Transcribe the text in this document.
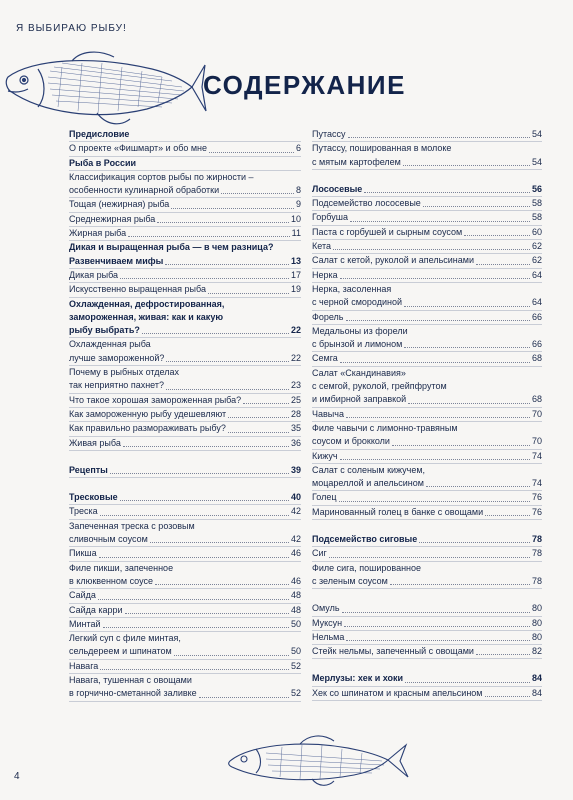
Я ВЫБИРАЮ РЫБУ!
СОДЕРЖАНИЕ
Предисловие
О проекте «Фишмарт» и обо мне	6
Рыба в России
Классификация сортов рыбы по жирности –
особенности кулинарной обработки	8
Тощая (нежирная) рыба	9
Среднежирная рыба	10
Жирная рыба	11
Дикая и выращенная рыба — в чем разница?
Развенчиваем мифы	13
Дикая рыба	17
Искусственно выращенная рыба	19
Охлажденная, дефростированная,
замороженная, живая: как и какую
рыбу выбрать?	22
Охлажденная рыба
лучше замороженной?	22
Почему в рыбных отделах
так неприятно пахнет?	23
Что такое хорошая замороженная рыба?	25
Как замороженную рыбу удешевляют	28
Как правильно размораживать рыбу?	35
Живая рыба	36
Рецепты	39
Тресковые	40
Треска	42
Запеченная треска с розовым
сливочным соусом	42
Пикша	46
Филе пикши, запеченное
в клюквенном соусе	46
Сайда	48
Сайда карри	48
Минтай	50
Легкий суп с филе минтая,
сельдереем и шпинатом	50
Навага	52
Навага, тушенная с овощами
в горчично-сметанной заливке	52
Путассу	54
Путассу, пошированная в молоке
с мятым картофелем	54
Лососевые	56
Подсемейство лососевые	58
Горбуша	58
Паста с горбушей и сырным соусом	60
Кета	62
Салат с кетой, руколой и апельсинами	62
Нерка	64
Нерка, засоленная
с черной смородиной	64
Форель	66
Медальоны из форели
с брынзой и лимоном	66
Семга	68
Салат «Скандинавия»
с семгой, руколой, грейпфрутом
и имбирной заправкой	68
Чавыча	70
Филе чавычи с лимонно-травяным
соусом и брокколи	70
Кижуч	74
Салат с соленым кижучем,
моцареллой и апельсином	74
Голец	76
Маринованный голец в банке с овощами	76
Подсемейство сиговые	78
Сиг	78
Филе сига, пошированное
с зеленым соусом	78
Омуль	80
Муксун	80
Нельма	80
Стейк нельмы, запеченный с овощами	82
Мерлузы: хек и хоки	84
Хек со шпинатом и красным апельсином	84
4
